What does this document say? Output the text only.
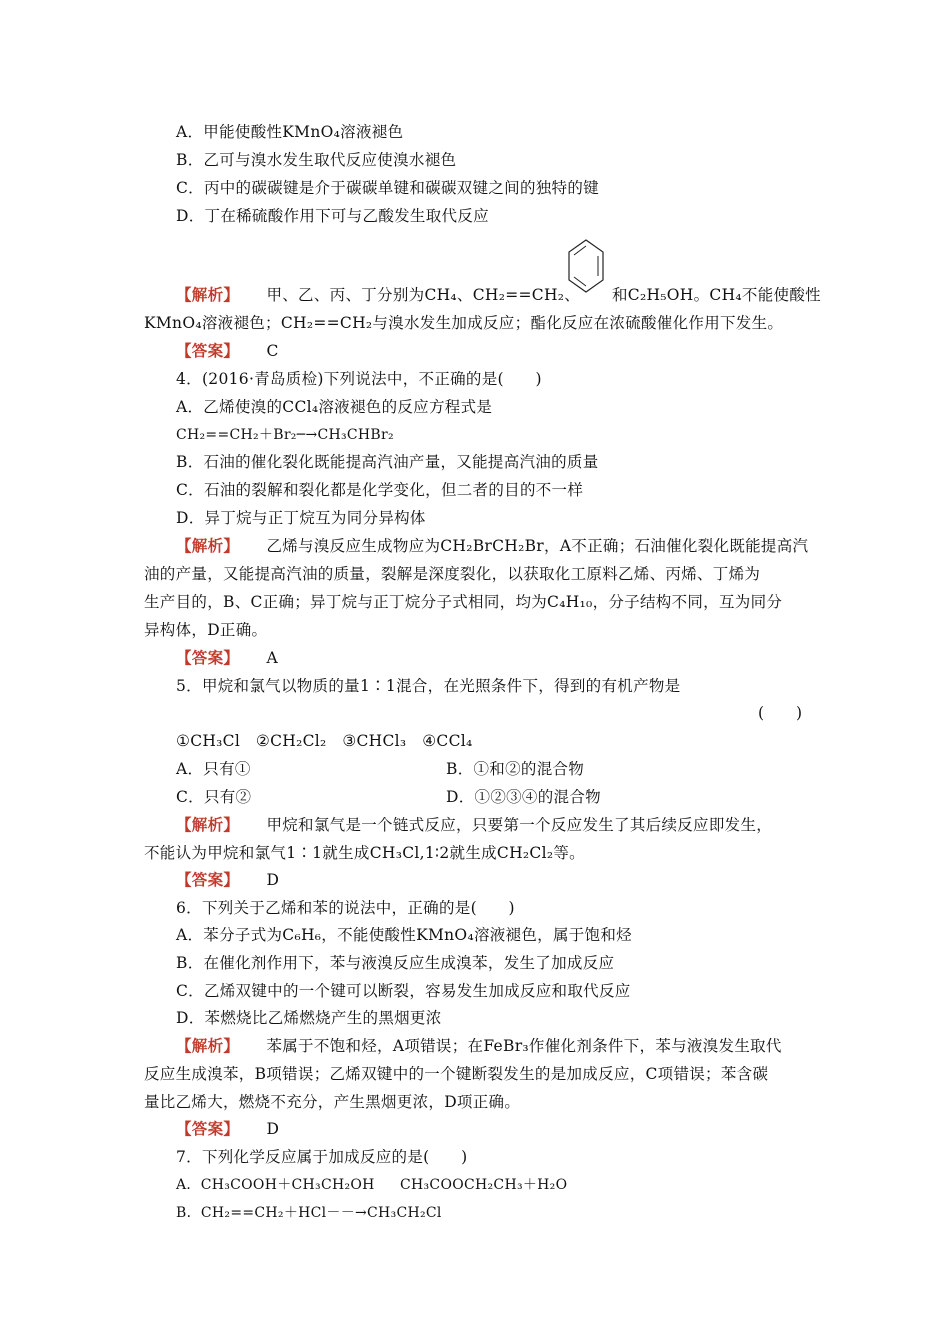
A．甲能使酸性KMnO₄溶液褪色
B．乙可与溴水发生取代反应使溴水褪色
C．丙中的碳碳键是介于碳碳单键和碳碳双键之间的独特的键
D．丁在稀硫酸作用下可与乙酸发生取代反应
【解析】 甲、乙、丙、丁分别为CH₄、CH₂==CH₂、 和C₂H₅OH。CH₄不能使酸性
KMnO₄溶液褪色；CH₂==CH₂与溴水发生加成反应；酯化反应在浓硫酸催化作用下发生。
【答案】 C
4．(2016·青岛质检)下列说法中，不正确的是(　　)
A．乙烯使溴的CCl₄溶液褪色的反应方程式是
CH₂==CH₂＋Br₂─→CH₃CHBr₂
B．石油的催化裂化既能提高汽油产量，又能提高汽油的质量
C．石油的裂解和裂化都是化学变化，但二者的目的不一样
D．异丁烷与正丁烷互为同分异构体
【解析】 乙烯与溴反应生成物应为CH₂BrCH₂Br，A不正确；石油催化裂化既能提高汽
油的产量，又能提高汽油的质量，裂解是深度裂化，以获取化工原料乙烯、丙烯、丁烯为
生产目的，B、C正确；异丁烷与正丁烷分子式相同，均为C₄H₁₀，分子结构不同，互为同分
异构体，D正确。
【答案】 A
5．甲烷和氯气以物质的量1∶1混合，在光照条件下，得到的有机产物是
(　　)
①CH₃Cl　②CH₂Cl₂　③CHCl₃　④CCl₄
A．只有①	B．①和②的混合物
C．只有②	D．①②③④的混合物
【解析】 甲烷和氯气是一个链式反应，只要第一个反应发生了其后续反应即发生，
不能认为甲烷和氯气1∶1就生成CH₃Cl,1∶2就生成CH₂Cl₂等。
【答案】 D
6．下列关于乙烯和苯的说法中，正确的是(　　)
A．苯分子式为C₆H₆，不能使酸性KMnO₄溶液褪色，属于饱和烃
B．在催化剂作用下，苯与液溴反应生成溴苯，发生了加成反应
C．乙烯双键中的一个键可以断裂，容易发生加成反应和取代反应
D．苯燃烧比乙烯燃烧产生的黑烟更浓
【解析】 苯属于不饱和烃，A项错误；在FeBr₃作催化剂条件下，苯与液溴发生取代
反应生成溴苯，B项错误；乙烯双键中的一个键断裂发生的是加成反应，C项错误；苯含碳
量比乙烯大，燃烧不充分，产生黑烟更浓，D项正确。
【答案】 D
7．下列化学反应属于加成反应的是(　　)
A．CH₃COOH＋CH₃CH₂OH CH₃COOCH₂CH₃＋H₂O
B．CH₂==CH₂＋HCl－－→CH₃CH₂Cl
